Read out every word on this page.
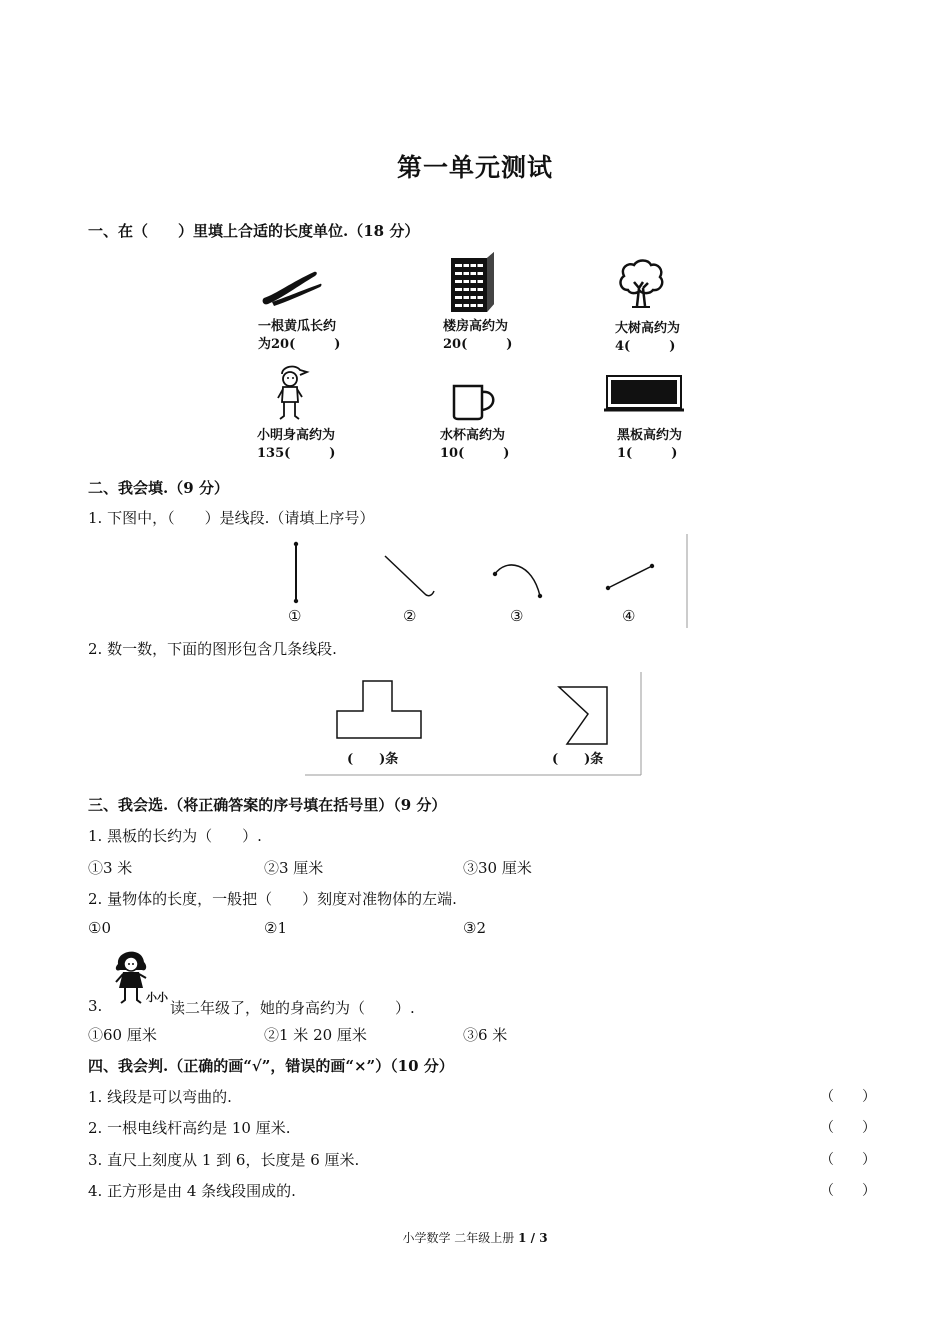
第一单元测试
一、在（　　）里填上合适的长度单位.（18 分）
一根黄瓜长约
为20(　　　)
楼房高约为
20(　　　)
大树高约为
4(　　　)
小明身高约为
135(　　　)
水杯高约为
10(　　　)
黑板高约为
1(　　　)
二、我会填.（9 分）
1. 下图中，（　　）是线段.（请填上序号）
①	②	③	④
2. 数一数，下面的图形包含几条线段.
(　　)条	(　　)条
三、我会选.（将正确答案的序号填在括号里）（9 分）
1. 黑板的长约为（　　）.
①3 米	②3 厘米	③30 厘米
2. 量物体的长度，一般把（　　）刻度对准物体的左端.
①0	②1	③2
小小
3.	读二年级了，她的身高约为（　　）.
①60 厘米	②1 米 20 厘米	③6 米
四、我会判.（正确的画“√”，错误的画“×”）（10 分）
1. 线段是可以弯曲的.	（　　）
2. 一根电线杆高约是 10 厘米.	（　　）
3. 直尺上刻度从 1 到 6，长度是 6 厘米.	（　　）
4. 正方形是由 4 条线段围成的.	（　　）
小学数学 二年级上册 1 / 3
